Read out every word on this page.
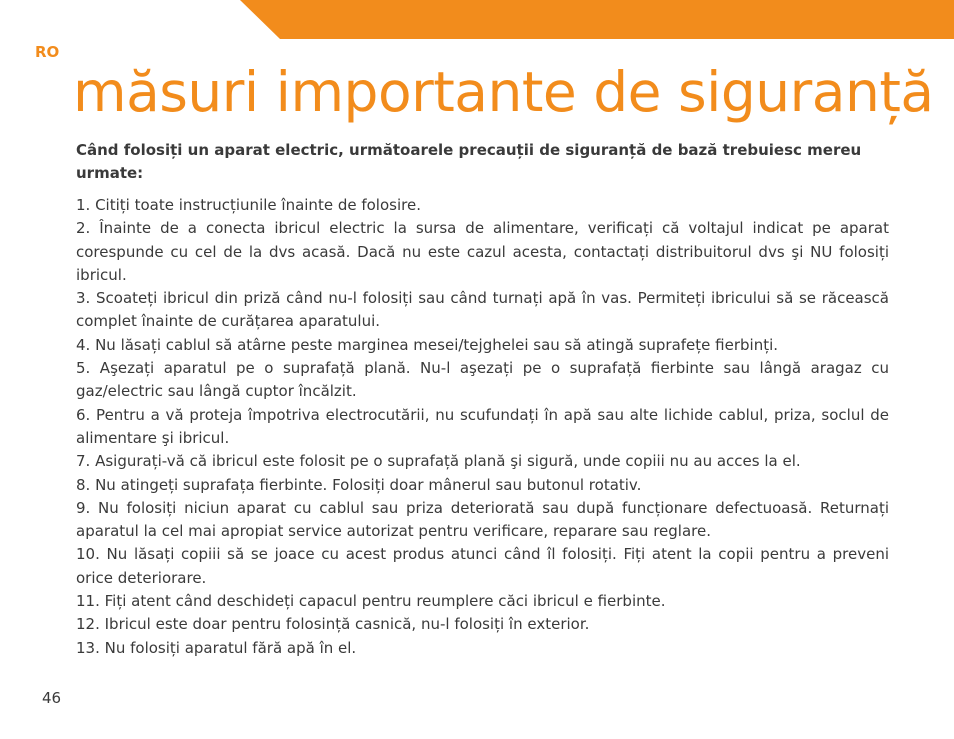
RO
măsuri importante de siguranță

Când folosiți un aparat electric, următoarele precauții de siguranță de bază trebuiesc mereu urmate:

1. Citiți toate instrucțiunile înainte de folosire.
2. Înainte de a conecta ibricul electric la sursa de alimentare, verificați că voltajul indicat pe aparat corespunde cu cel de la dvs acasă. Dacă nu este cazul acesta, contactați distribuitorul dvs şi NU folosiți ibricul.
3. Scoateți ibricul din priză când nu-l folosiți sau când turnați apă în vas. Permiteți ibricului să se răcească complet înainte de curățarea aparatului.
4. Nu lăsați cablul să atârne peste marginea mesei/tejghelei sau să atingă suprafețe fierbinți.
5. Aşezați aparatul pe o suprafață plană. Nu-l aşezați pe o suprafață fierbinte sau lângă aragaz cu gaz/electric sau lângă cuptor încălzit.
6. Pentru a vă proteja împotriva electrocutării, nu scufundați în apă sau alte lichide cablul, priza, soclul de alimentare şi ibricul.
7. Asigurați-vă că ibricul este folosit pe o suprafață plană şi sigură, unde copiii nu au acces la el.
8. Nu atingeți suprafața fierbinte. Folosiți doar mânerul sau butonul rotativ.
9. Nu folosiți niciun aparat cu cablul sau priza deteriorată sau după funcționare defectuoasă. Returnați aparatul la cel mai apropiat service autorizat pentru verificare, reparare sau reglare.
10. Nu lăsați copiii să se joace cu acest produs atunci când îl folosiți. Fiți atent la copii pentru a preveni orice deteriorare.
11. Fiți atent când deschideți capacul pentru reumplere căci ibricul e fierbinte.
12. Ibricul este doar pentru folosință casnică, nu-l folosiți în exterior.
13. Nu folosiți aparatul fără apă în el.
46
